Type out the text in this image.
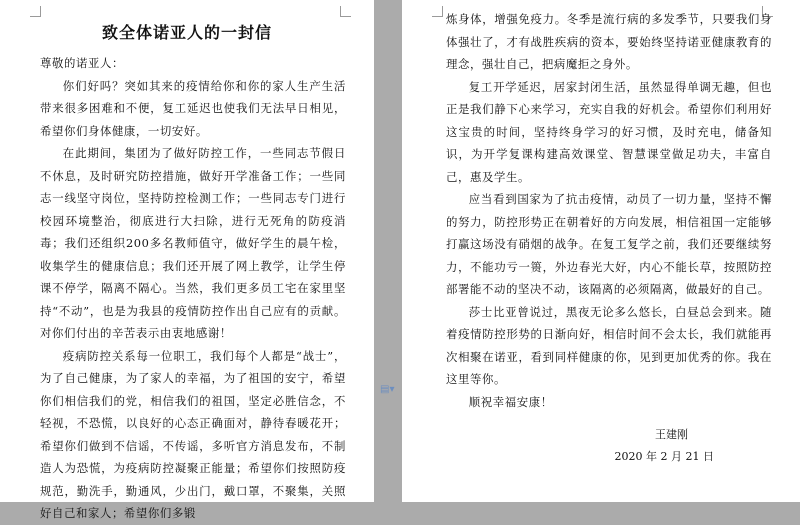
致全体诺亚人的一封信

尊敬的诺亚人：

你们好吗？突如其来的疫情给你和你的家人生产生活带来很多困难和不便，复工延迟也使我们无法早日相见，希望你们身体健康，一切安好。

在此期间，集团为了做好防控工作，一些同志节假日不休息，及时研究防控措施，做好开学准备工作；一些同志一线坚守岗位，坚持防控检测工作；一些同志专门进行校园环境整治，彻底进行大扫除，进行无死角的防疫消毒；我们还组织200多名教师值守，做好学生的晨午检，收集学生的健康信息；我们还开展了网上教学，让学生停课不停学，隔离不隔心。当然，我们更多员工宅在家里坚持“不动”，也是为我县的疫情防控作出自己应有的贡献。对你们付出的辛苦表示由衷地感谢！

疫病防控关系每一位职工，我们每个人都是“战士”，为了自己健康，为了家人的幸福，为了祖国的安宁，希望你们相信我们的党，相信我们的祖国，坚定必胜信念，不轻视，不恐慌，以良好的心态正确面对，静待春暖花开；希望你们做到不信谣，不传谣，多听官方消息发布，不制造人为恐慌，为疫病防控凝聚正能量；希望你们按照防疫规范，勤洗手，勤通风，少出门，戴口罩，不聚集，关照好自己和家人；希望你们多锻

▤▾

炼身体，增强免疫力。冬季是流行病的多发季节，只要我们身体强壮了，才有战胜疾病的资本，要始终坚持诺亚健康教育的理念，强壮自己，把病魔拒之身外。

复工开学延迟，居家封闭生活，虽然显得单调无趣，但也正是我们静下心来学习，充实自我的好机会。希望你们利用好这宝贵的时间，坚持终身学习的好习惯，及时充电，储备知识，为开学复课构建高效课堂、智慧课堂做足功夫，丰富自己，惠及学生。

应当看到国家为了抗击疫情，动员了一切力量，坚持不懈的努力，防控形势正在朝着好的方向发展，相信祖国一定能够打赢这场没有硝烟的战争。在复工复学之前，我们还要继续努力，不能功亏一篑，外边春光大好，内心不能长草，按照防控部署能不动的坚决不动，该隔离的必须隔离，做最好的自己。

莎士比亚曾说过，黑夜无论多么悠长，白昼总会到来。随着疫情防控形势的日渐向好，相信时间不会太长，我们就能再次相聚在诺亚，看到同样健康的你，见到更加优秀的你。我在这里等你。

顺祝幸福安康！

王建刚
2020 年 2 月 21 日
